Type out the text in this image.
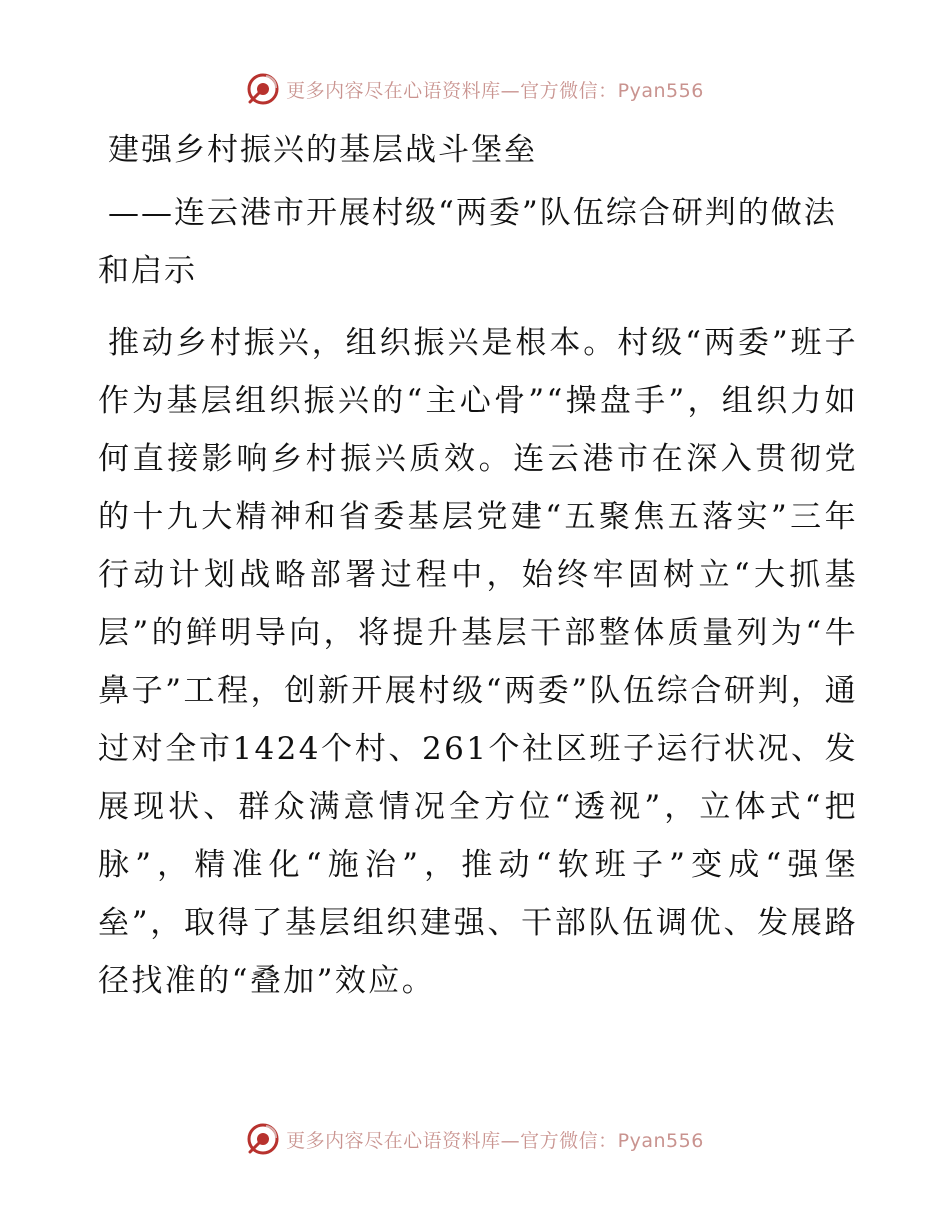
更多内容尽在心语资料库—官方微信：Pyan556
建强乡村振兴的基层战斗堡垒

——连云港市开展村级“两委”队伍综合研判的做法和启示

推动乡村振兴，组织振兴是根本。村级“两委”班子作为基层组织振兴的“主心骨”“操盘手”，组织力如何直接影响乡村振兴质效。连云港市在深入贯彻党的十九大精神和省委基层党建“五聚焦五落实”三年行动计划战略部署过程中，始终牢固树立“大抓基层”的鲜明导向，将提升基层干部整体质量列为“牛鼻子”工程，创新开展村级“两委”队伍综合研判，通过对全市1424个村、261个社区班子运行状况、发展现状、群众满意情况全方位“透视”，立体式“把脉”，精准化“施治”，推动“软班子”变成“强堡垒”，取得了基层组织建强、干部队伍调优、发展路径找准的“叠加”效应。

更多内容尽在心语资料库—官方微信：Pyan556
